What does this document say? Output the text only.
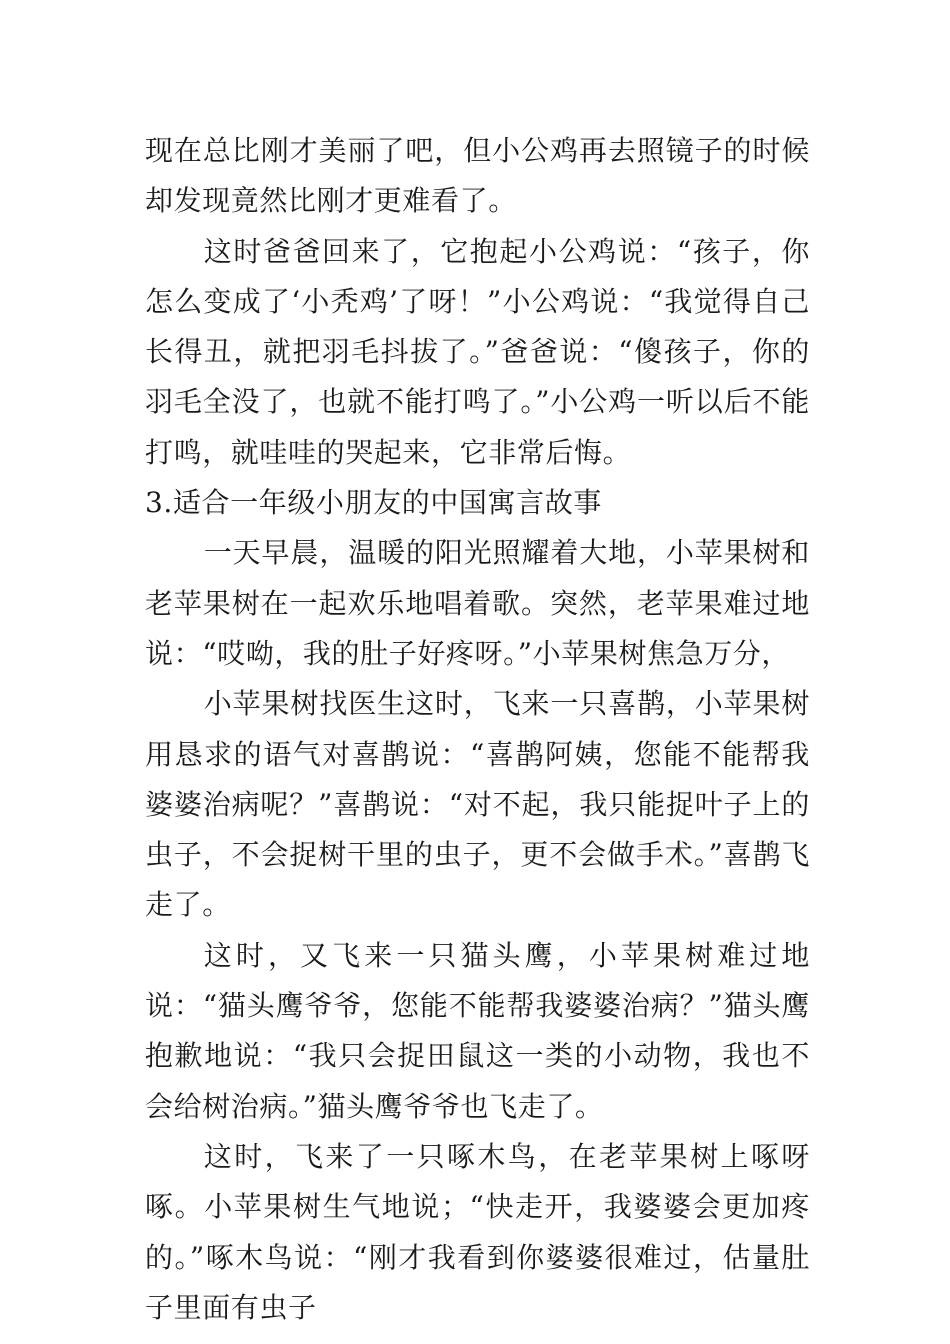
现在总比刚才美丽了吧，但小公鸡再去照镜子的时候却发现竟然比刚才更难看了。

这时爸爸回来了，它抱起小公鸡说：“孩子，你怎么变成了‘小秃鸡’了呀！”小公鸡说：“我觉得自己长得丑，就把羽毛抖拔了。”爸爸说：“傻孩子，你的羽毛全没了，也就不能打鸣了。”小公鸡一听以后不能打鸣，就哇哇的哭起来，它非常后悔。

3.适合一年级小朋友的中国寓言故事

一天早晨，温暖的阳光照耀着大地，小苹果树和老苹果树在一起欢乐地唱着歌。突然，老苹果难过地说：“哎呦，我的肚子好疼呀。”小苹果树焦急万分，

小苹果树找医生这时，飞来一只喜鹊，小苹果树用恳求的语气对喜鹊说：“喜鹊阿姨，您能不能帮我婆婆治病呢？”喜鹊说：“对不起，我只能捉叶子上的虫子，不会捉树干里的虫子，更不会做手术。”喜鹊飞走了。

这时，又飞来一只猫头鹰，小苹果树难过地说：“猫头鹰爷爷，您能不能帮我婆婆治病？”猫头鹰抱歉地说：“我只会捉田鼠这一类的小动物，我也不会给树治病。”猫头鹰爷爷也飞走了。

这时，飞来了一只啄木鸟，在老苹果树上啄呀啄。小苹果树生气地说；“快走开，我婆婆会更加疼的。”啄木鸟说：“刚才我看到你婆婆很难过，估量肚子里面有虫子
